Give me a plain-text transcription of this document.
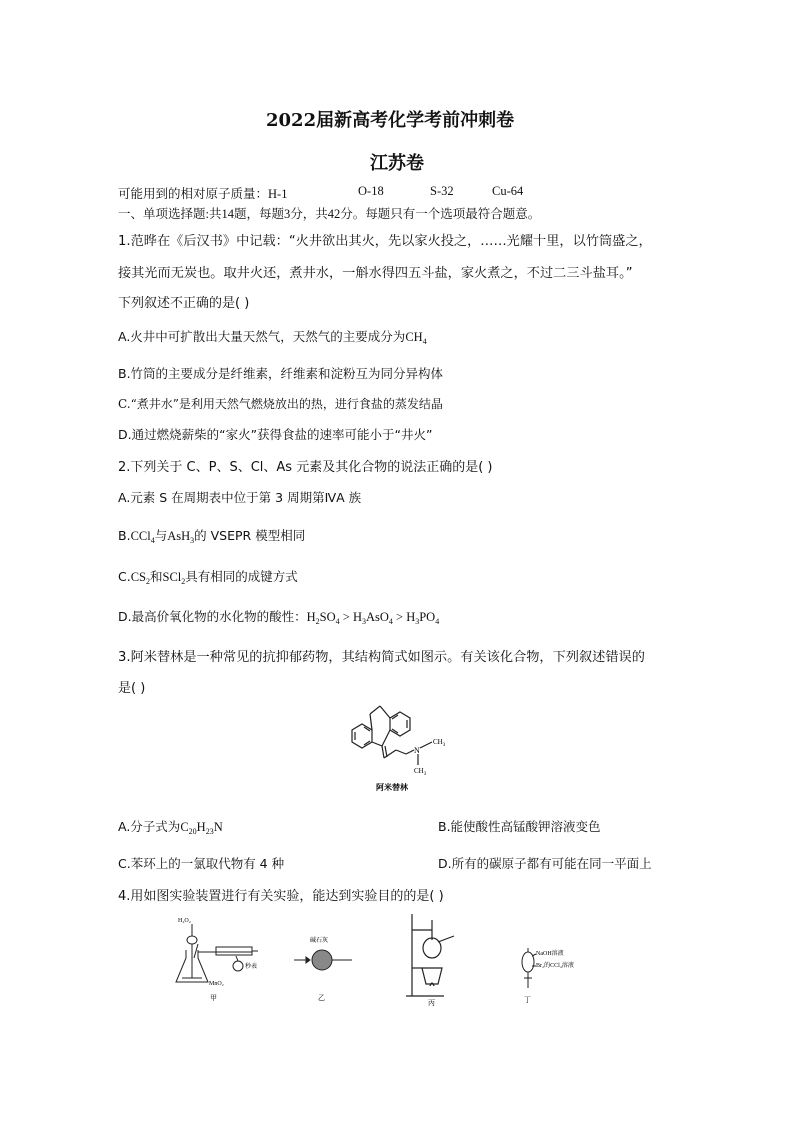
2022届新高考化学考前冲刺卷
江苏卷
可能用到的相对原子质量：H-1	O-18	S-32	Cu-64
一、单项选择题:共14题，每题3分，共42分。每题只有一个选项最符合题意。
1.范晔在《后汉书》中记载：“火井欲出其火，先以家火投之，……光耀十里，以竹筒盛之，
接其光而无炭也。取井火还，煮井水，一斛水得四五斗盐，家火煮之，不过二三斗盐耳。”
下列叙述不正确的是( )
A.火井中可扩散出大量天然气，天然气的主要成分为$CH_4$
B.竹筒的主要成分是纤维素，纤维素和淀粉互为同分异构体
C.“煮井水”是利用天然气燃烧放出的热，进行食盐的蒸发结晶
D.通过燃烧薪柴的“家火”获得食盐的速率可能小于“井火”
2.下列关于 C、P、S、Cl、As 元素及其化合物的说法正确的是( )
A.元素 S 在周期表中位于第 3 周期第ⅣA 族
B.CCl$_4$与AsH$_3$的 VSEPR 模型相同
$C.CS_2$和SCl$_2$具有相同的成键方式
D.最高价氧化物的水化物的酸性：$H_2SO_4 > H_3AsO_4 > H_3PO_4$
3.阿米替林是一种常见的抗抑郁药物，其结构简式如图示。有关该化合物，下列叙述错误的
是( )
N
$CH_3$
$CH_3$
阿米替林
A.分子式为$C_{20}H_{23}N$	B.能使酸性高锰酸钾溶液变色
C.苯环上的一氯取代物有 4 种	D.所有的碳原子都有可能在同一平面上
4.用如图实验装置进行有关实验，能达到实验目的的是( )
H₂O₂
秒表
MnO₂
甲
碱石灰
乙
丙
NaOH溶液
Br₂的CCl₄溶液
丁
